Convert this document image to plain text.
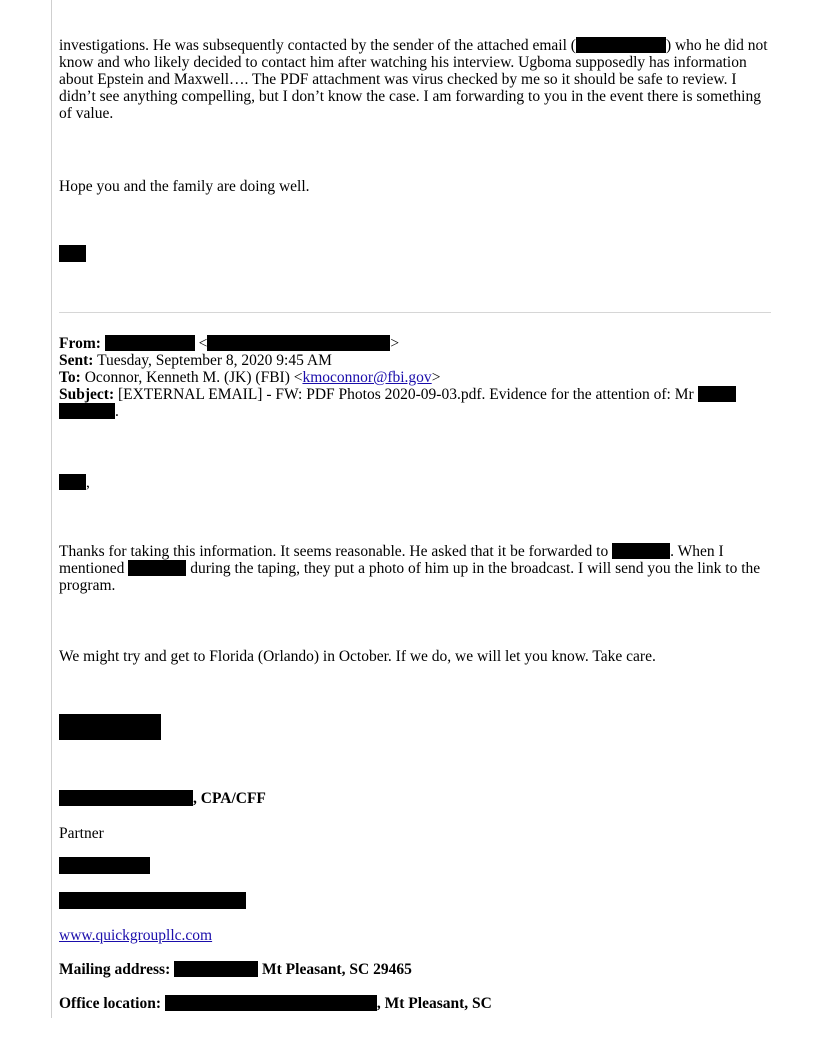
investigations. He was subsequently contacted by the sender of the attached email (	) who he did not know and who likely decided to contact him after watching his interview. Ugboma supposedly has information about Epstein and Maxwell…. The PDF attachment was virus checked by me so it should be safe to review. I didn’t see anything compelling, but I don’t know the case. I am forwarding to you in the event there is something of value.
Hope you and the family are doing well.
From:	<	>
Sent: Tuesday, September 8, 2020 9:45 AM
To: Oconnor, Kenneth M. (JK) (FBI) <kmoconnor@fbi.gov>
Subject: [EXTERNAL EMAIL] - FW: PDF Photos 2020-09-03.pdf. Evidence for the attention of: Mr
.
,
Thanks for taking this information. It seems reasonable. He asked that it be forwarded to	. When I mentioned	during the taping, they put a photo of him up in the broadcast. I will send you the link to the program.
We might try and get to Florida (Orlando) in October. If we do, we will let you know. Take care.
, CPA/CFF
Partner
www.quickgroupllc.com
Mailing address:	Mt Pleasant, SC 29465
Office location:	, Mt Pleasant, SC
